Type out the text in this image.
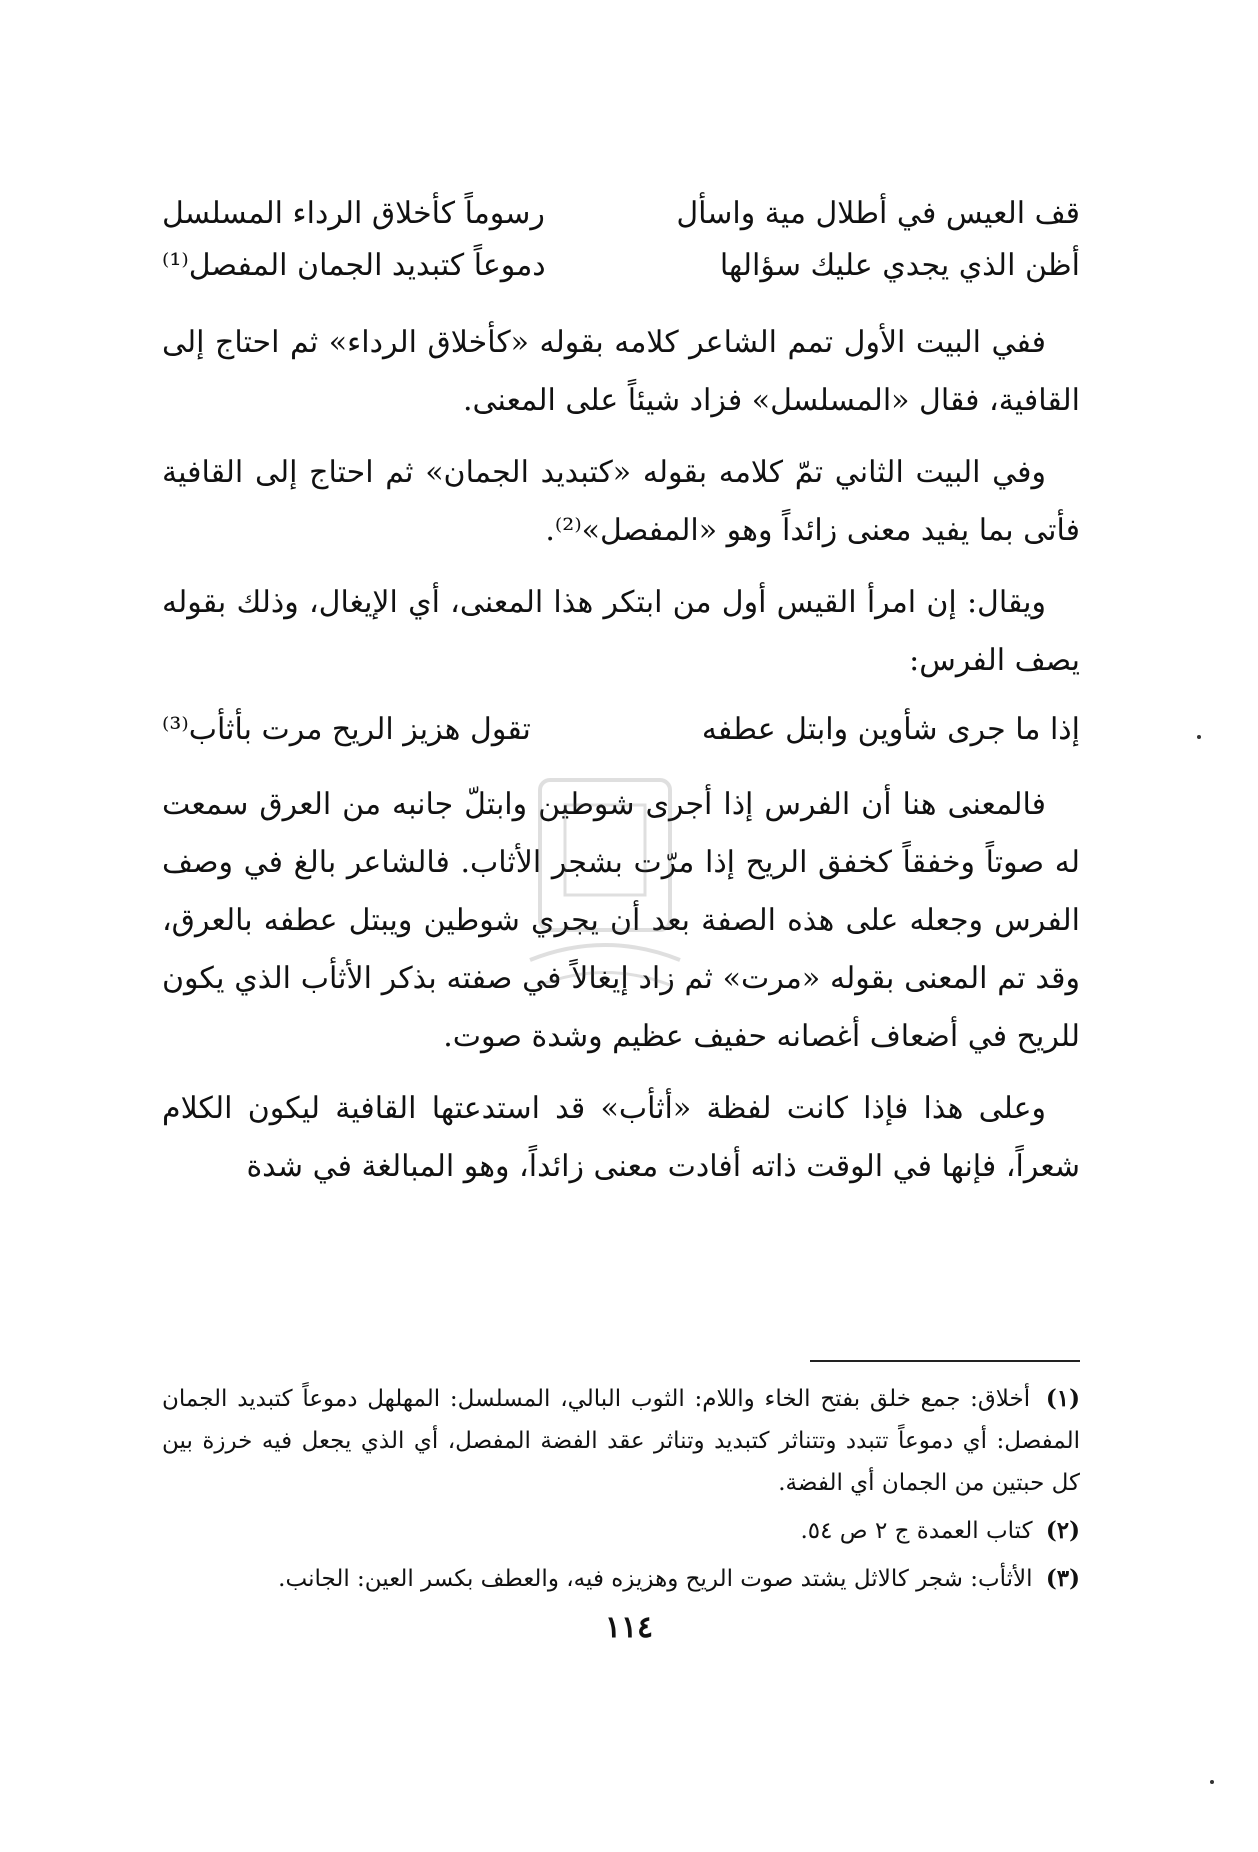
قف العيس في أطلال مية واسأل
رسوماً كأخلاق الرداء المسلسل
أظن الذي يجدي عليك سؤالها
دموعاً كتبديد الجمان المفصل⁽¹⁾

ففي البيت الأول تمم الشاعر كلامه بقوله «كأخلاق الرداء» ثم احتاج إلى القافية، فقال «المسلسل» فزاد شيئاً على المعنى.

وفي البيت الثاني تمّ كلامه بقوله «كتبديد الجمان» ثم احتاج إلى القافية فأتى بما يفيد معنى زائداً وهو «المفصل»⁽²⁾.

ويقال: إن امرأ القيس أول من ابتكر هذا المعنى، أي الإيغال، وذلك بقوله يصف الفرس:

إذا ما جرى شأوين وابتل عطفه
تقول هزيز الريح مرت بأثأب⁽³⁾

فالمعنى هنا أن الفرس إذا أجرى شوطين وابتلّ جانبه من العرق سمعت له صوتاً وخفقاً كخفق الريح إذا مرّت بشجر الأثاب. فالشاعر بالغ في وصف الفرس وجعله على هذه الصفة بعد أن يجري شوطين ويبتل عطفه بالعرق، وقد تم المعنى بقوله «مرت» ثم زاد إيغالاً في صفته بذكر الأثأب الذي يكون للريح في أضعاف أغصانه حفيف عظيم وشدة صوت.

وعلى هذا فإذا كانت لفظة «أثأب» قد استدعتها القافية ليكون الكلام شعراً، فإنها في الوقت ذاته أفادت معنى زائداً، وهو المبالغة في شدة

(١) أخلاق: جمع خلق بفتح الخاء واللام: الثوب البالي، المسلسل: المهلهل دموعاً كتبديد الجمان المفصل: أي دموعاً تتبدد وتتناثر كتبديد وتناثر عقد الفضة المفصل، أي الذي يجعل فيه خرزة بين كل حبتين من الجمان أي الفضة.

(٢) كتاب العمدة ج ٢ ص ٥٤.

(٣) الأثأب: شجر كالاثل يشتد صوت الريح وهزيزه فيه، والعطف بكسر العين: الجانب.

١١٤
